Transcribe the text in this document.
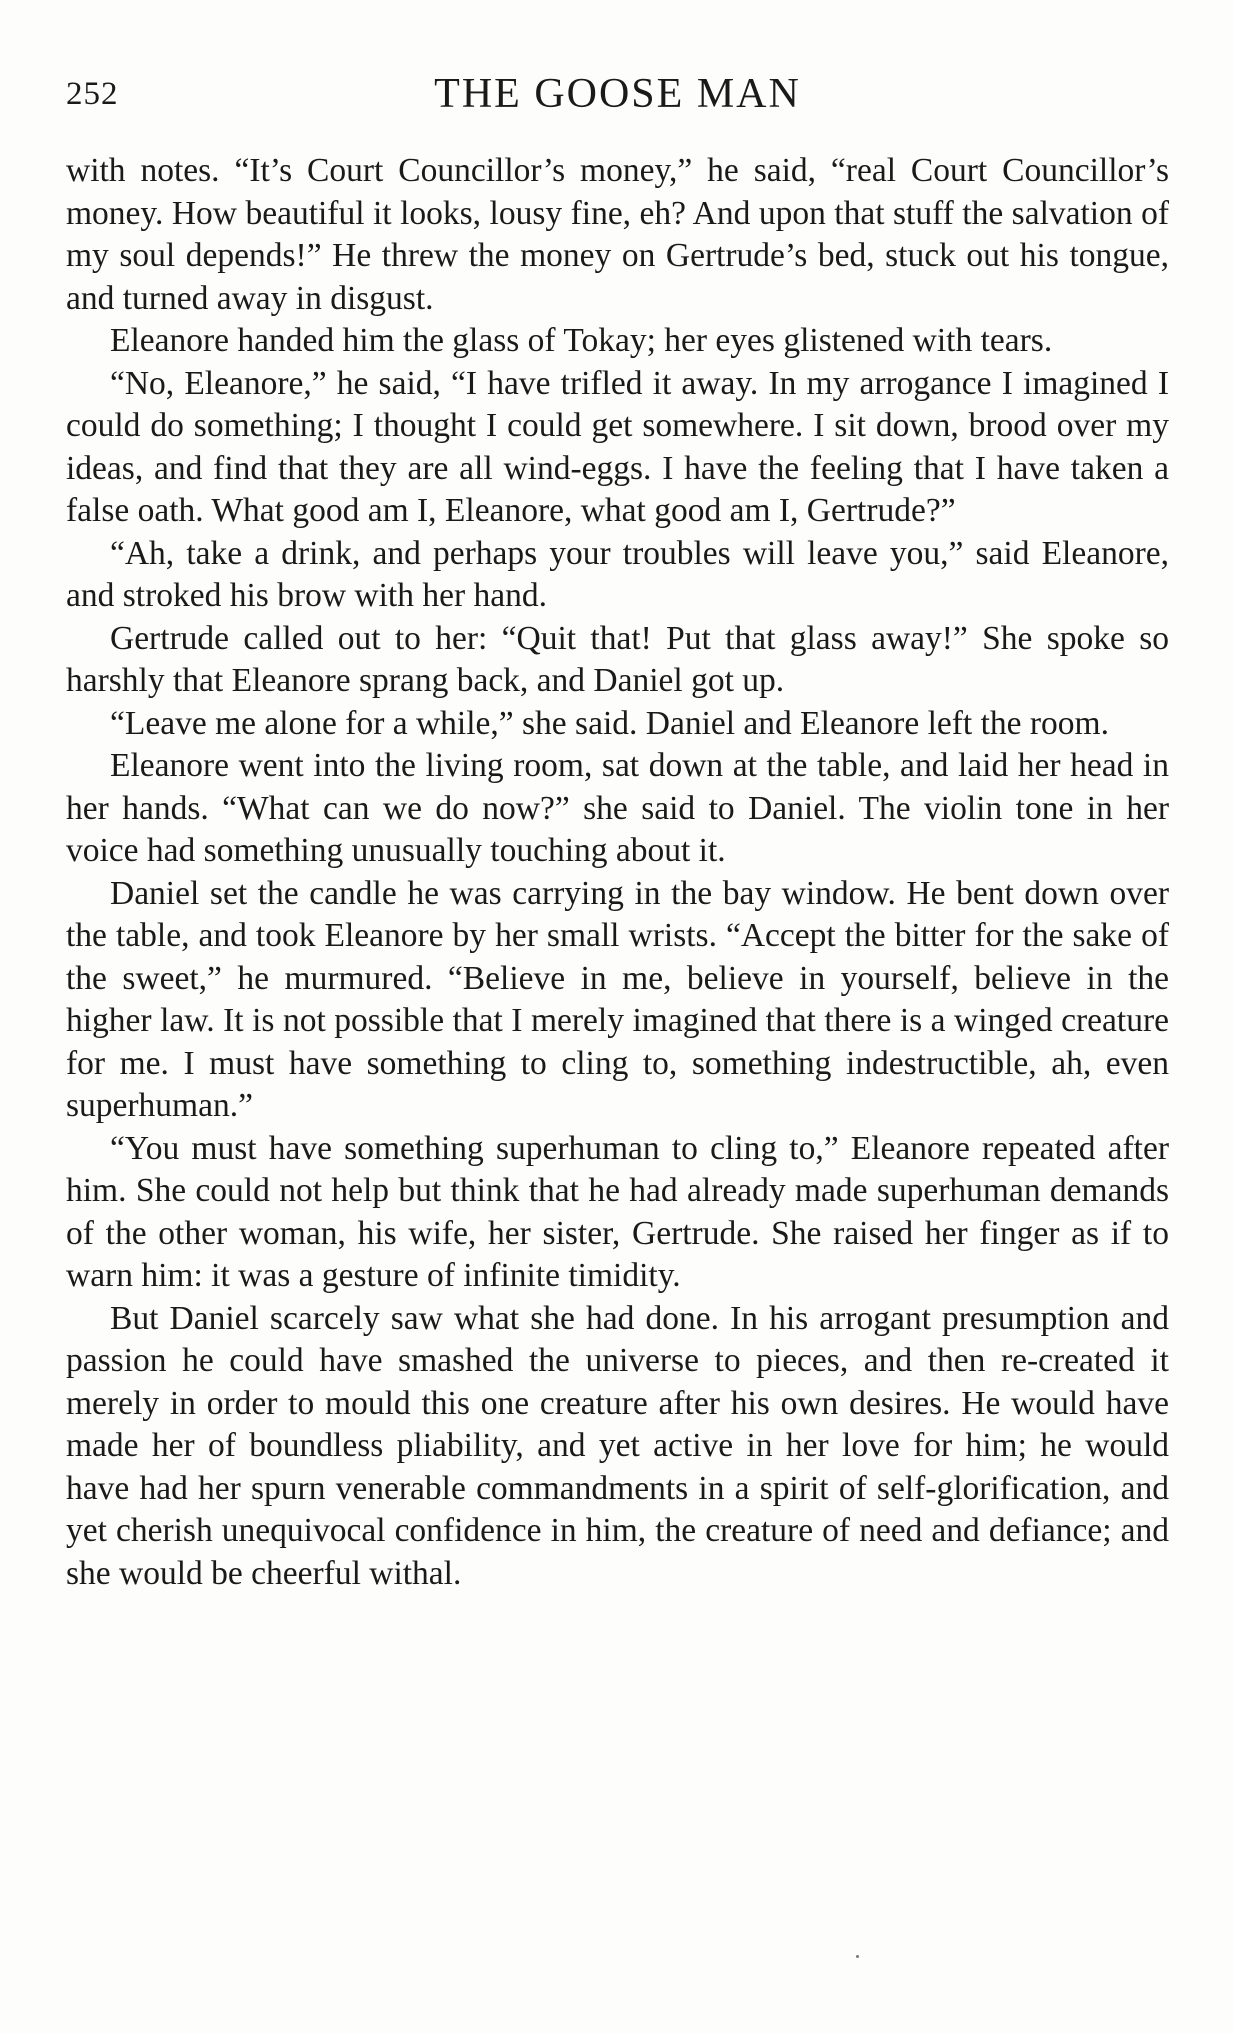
252	THE GOOSE MAN

with notes. “It’s Court Councillor’s money,” he said, “real Court Councillor’s money. How beautiful it looks, lousy fine, eh? And upon that stuff the salvation of my soul depends!” He threw the money on Gertrude’s bed, stuck out his tongue, and turned away in disgust.

Eleanore handed him the glass of Tokay; her eyes glistened with tears.

“No, Eleanore,” he said, “I have trifled it away. In my arrogance I imagined I could do something; I thought I could get somewhere. I sit down, brood over my ideas, and find that they are all wind-eggs. I have the feeling that I have taken a false oath. What good am I, Eleanore, what good am I, Gertrude?”

“Ah, take a drink, and perhaps your troubles will leave you,” said Eleanore, and stroked his brow with her hand.

Gertrude called out to her: “Quit that! Put that glass away!” She spoke so harshly that Eleanore sprang back, and Daniel got up.

“Leave me alone for a while,” she said. Daniel and Eleanore left the room.

Eleanore went into the living room, sat down at the table, and laid her head in her hands. “What can we do now?” she said to Daniel. The violin tone in her voice had something unusually touching about it.

Daniel set the candle he was carrying in the bay window. He bent down over the table, and took Eleanore by her small wrists. “Accept the bitter for the sake of the sweet,” he murmured. “Believe in me, believe in yourself, believe in the higher law. It is not possible that I merely imagined that there is a winged creature for me. I must have something to cling to, something indestructible, ah, even superhuman.”

“You must have something superhuman to cling to,” Eleanore repeated after him. She could not help but think that he had already made superhuman demands of the other woman, his wife, her sister, Gertrude. She raised her finger as if to warn him: it was a gesture of infinite timidity.

But Daniel scarcely saw what she had done. In his arrogant presumption and passion he could have smashed the universe to pieces, and then re-created it merely in order to mould this one creature after his own desires. He would have made her of boundless pliability, and yet active in her love for him; he would have had her spurn venerable commandments in a spirit of self-glorification, and yet cherish unequivocal confidence in him, the creature of need and defiance; and she would be cheerful withal.
